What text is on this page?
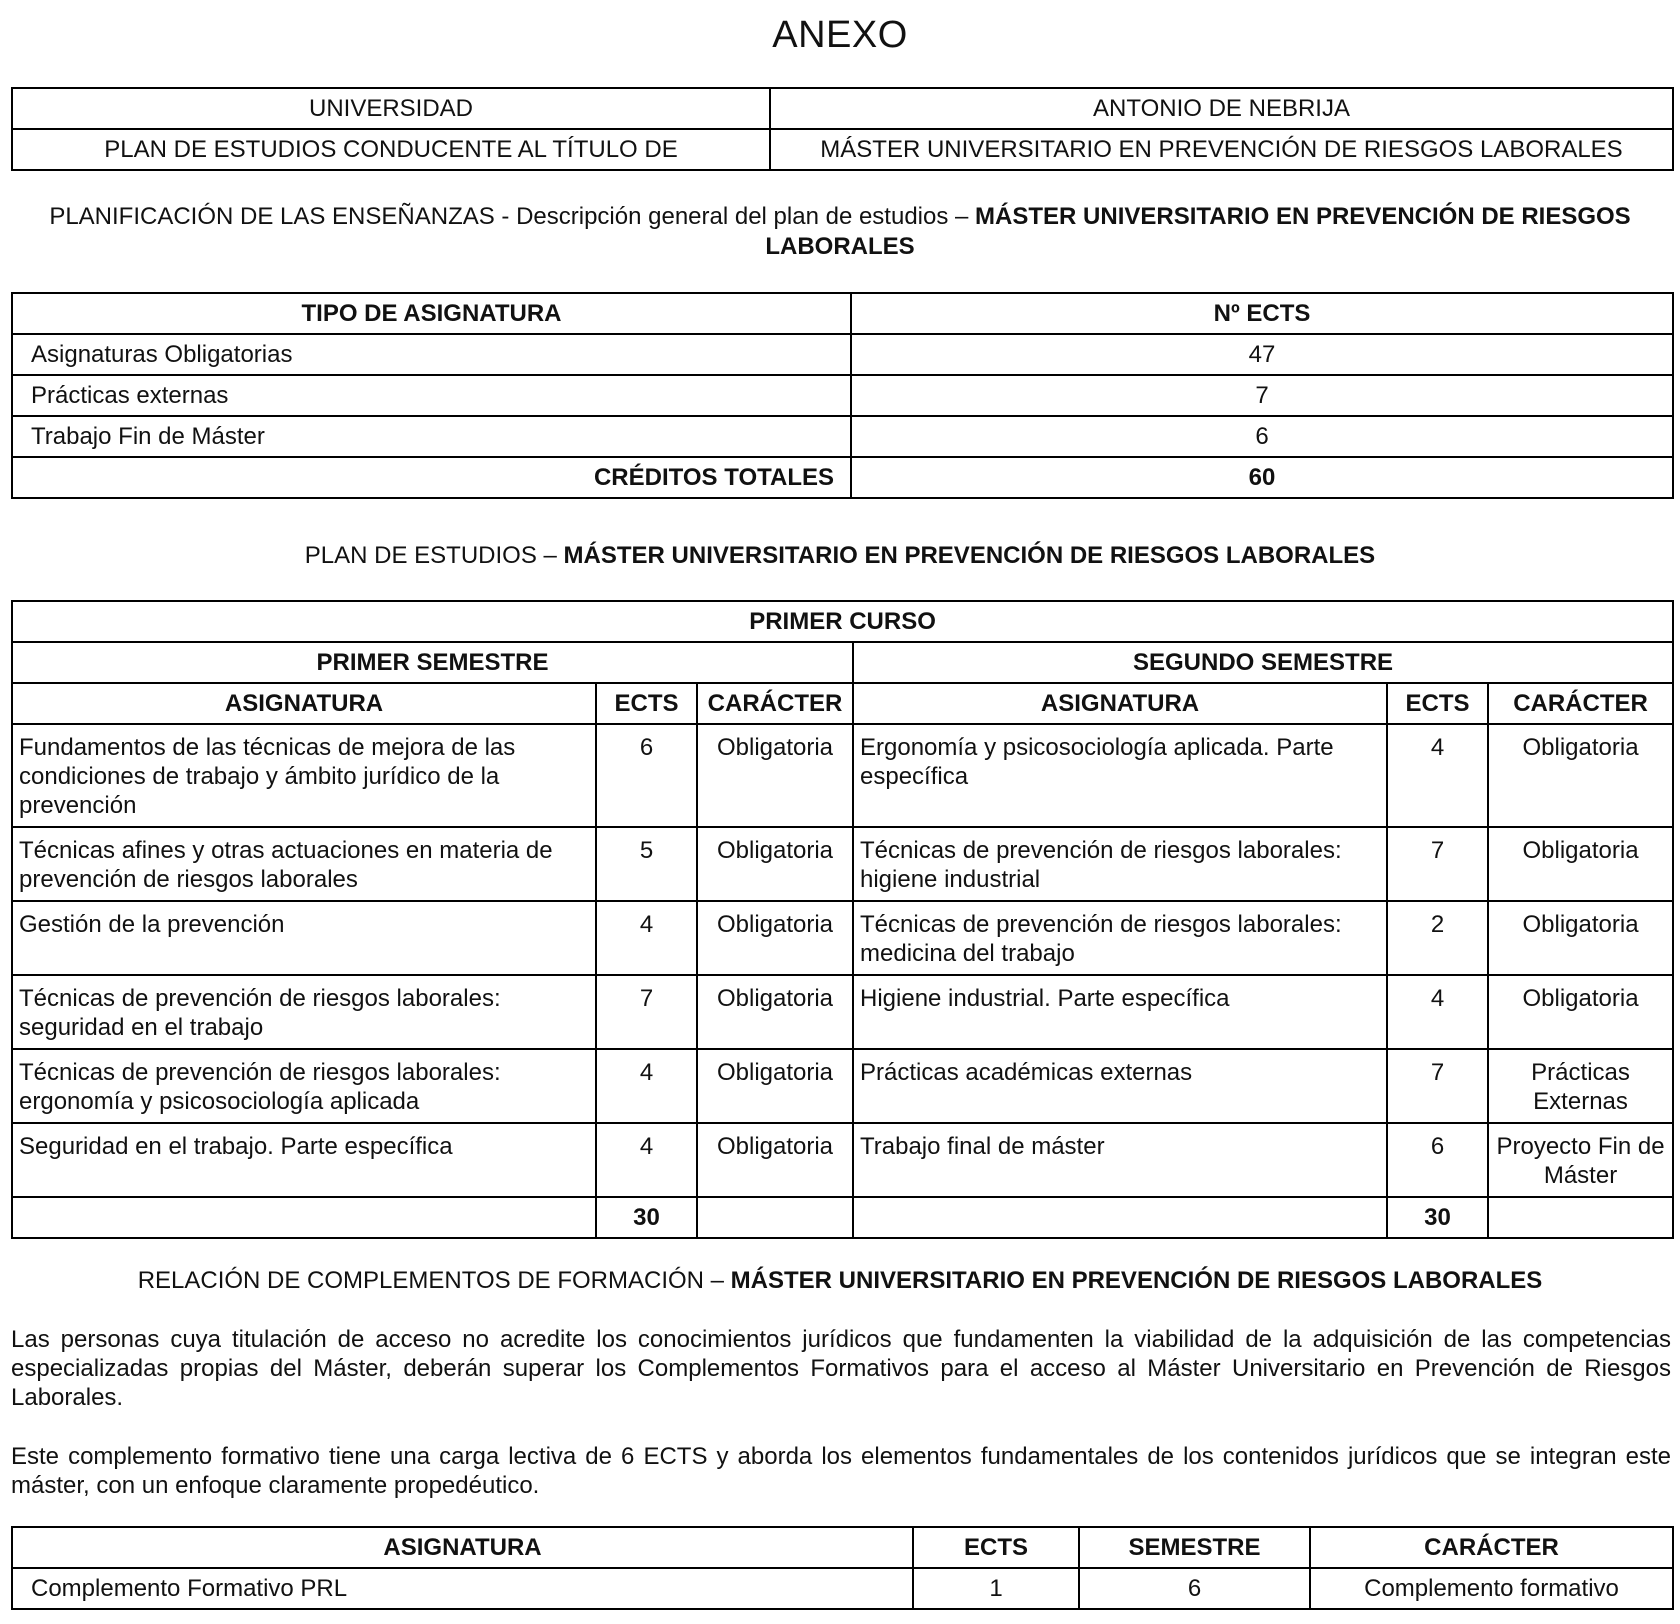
ANEXO
UNIVERSIDAD	ANTONIO DE NEBRIJA
PLAN DE ESTUDIOS CONDUCENTE AL TÍTULO DE	MÁSTER UNIVERSITARIO EN PREVENCIÓN DE RIESGOS LABORALES
PLANIFICACIÓN DE LAS ENSEÑANZAS - Descripción general del plan de estudios – MÁSTER UNIVERSITARIO EN PREVENCIÓN DE RIESGOS LABORALES
TIPO DE ASIGNATURA	Nº ECTS
Asignaturas Obligatorias	47
Prácticas externas	7
Trabajo Fin de Máster	6
CRÉDITOS TOTALES	60
PLAN DE ESTUDIOS – MÁSTER UNIVERSITARIO EN PREVENCIÓN DE RIESGOS LABORALES
PRIMER CURSO					
PRIMER SEMESTRE			SEGUNDO SEMESTRE		
ASIGNATURA	ECTS	CARÁCTER	ASIGNATURA	ECTS	CARÁCTER
Fundamentos de las técnicas de mejora de las condiciones de trabajo y ámbito jurídico de la prevención	6	Obligatoria	Ergonomía y psicosociología aplicada. Parte específica	4	Obligatoria
Técnicas afines y otras actuaciones en materia de prevención de riesgos laborales	5	Obligatoria	Técnicas de prevención de riesgos laborales: higiene industrial	7	Obligatoria
Gestión de la prevención	4	Obligatoria	Técnicas de prevención de riesgos laborales: medicina del trabajo	2	Obligatoria
Técnicas de prevención de riesgos laborales: seguridad en el trabajo	7	Obligatoria	Higiene industrial. Parte específica	4	Obligatoria
Técnicas de prevención de riesgos laborales: ergonomía y psicosociología aplicada	4	Obligatoria	Prácticas académicas externas	7	Prácticas Externas
Seguridad en el trabajo. Parte específica	4	Obligatoria	Trabajo final de máster	6	Proyecto Fin de Máster
	30			30	
RELACIÓN DE COMPLEMENTOS DE FORMACIÓN – MÁSTER UNIVERSITARIO EN PREVENCIÓN DE RIESGOS LABORALES
Las personas cuya titulación de acceso no acredite los conocimientos jurídicos que fundamenten la viabilidad de la adquisición de las competencias especializadas propias del Máster, deberán superar los Complementos Formativos para el acceso al Máster Universitario en Prevención de Riesgos Laborales.
Este complemento formativo tiene una carga lectiva de 6 ECTS y aborda los elementos fundamentales de los contenidos jurídicos que se integran este máster, con un enfoque claramente propedéutico.
ASIGNATURA	ECTS	SEMESTRE	CARÁCTER
Complemento Formativo PRL	1	6	Complemento formativo
